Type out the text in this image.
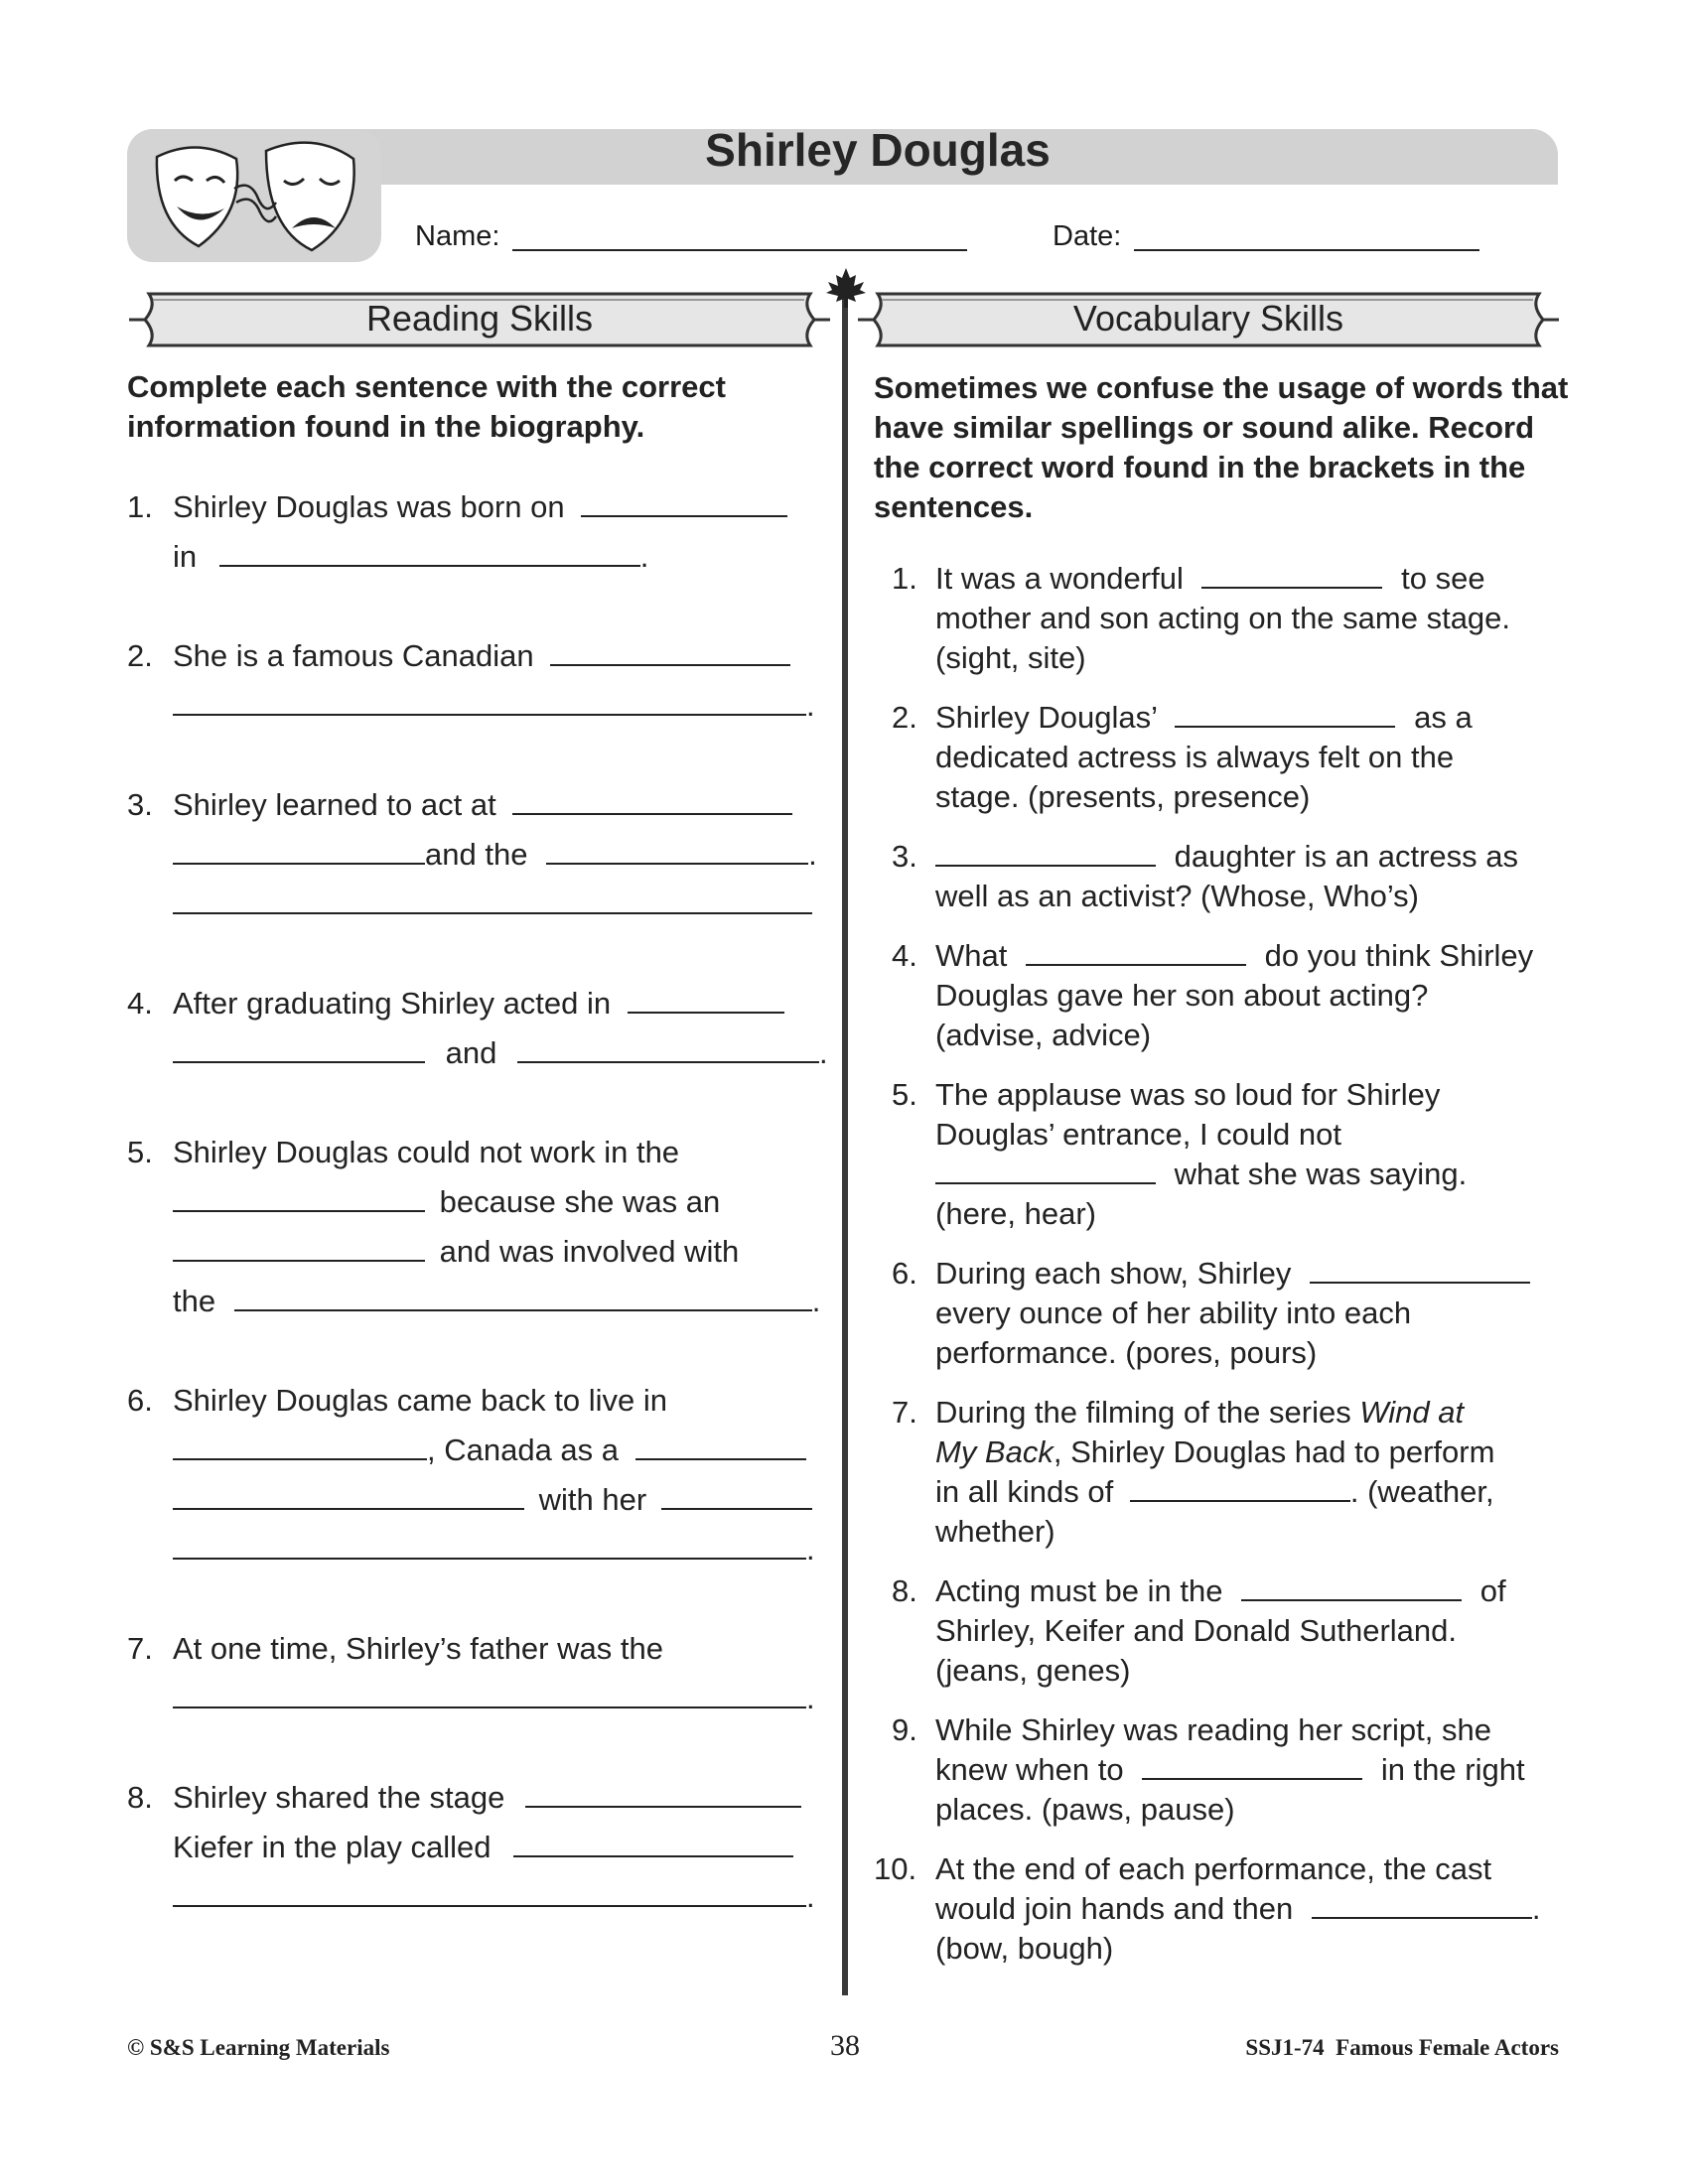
Shirley Douglas
Name:	Date:
Reading Skills	Vocabulary Skills
Complete each sentence with the correct information found in the biography.
1. Shirley Douglas was born on
in	.
2. She is a famous Canadian
.
3. Shirley learned to act at
and the	.
4. After graduating Shirley acted in
and	.
5. Shirley Douglas could not work in the
because she was an
and was involved with
the	.
6. Shirley Douglas came back to live in
, Canada as a
with her
.
7. At one time, Shirley’s father was the
.
8. Shirley shared the stage
Kiefer in the play called
.
Sometimes we confuse the usage of words that have similar spellings or sound alike. Record the correct word found in the brackets in the sentences.
1. It was a wonderful	to see
mother and son acting on the same stage.
(sight, site)
2. Shirley Douglas’	as a
dedicated actress is always felt on the
stage. (presents, presence)
3.	daughter is an actress as
well as an activist? (Whose, Who’s)
4. What	do you think Shirley
Douglas gave her son about acting?
(advise, advice)
5. The applause was so loud for Shirley
Douglas’ entrance, I could not
what she was saying.
(here, hear)
6. During each show, Shirley
every ounce of her ability into each
performance. (pores, pours)
7. During the filming of the series Wind at
My Back, Shirley Douglas had to perform
in all kinds of	. (weather,
whether)
8. Acting must be in the	of
Shirley, Keifer and Donald Sutherland.
(jeans, genes)
9. While Shirley was reading her script, she
knew when to	in the right
places. (paws, pause)
10. At the end of each performance, the cast
would join hands and then	.
(bow, bough)
© S&S Learning Materials	38	SSJ1-74  Famous Female Actors
